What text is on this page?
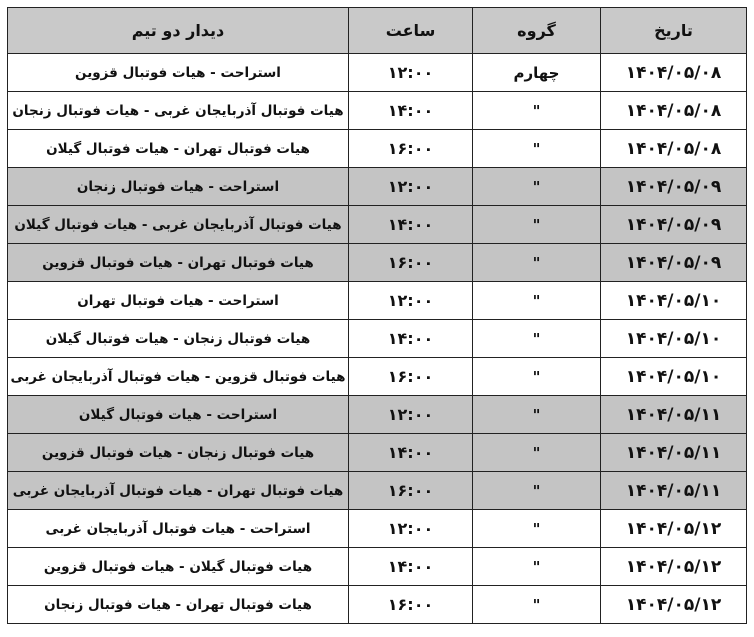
تاریخ	گروه	ساعت	دیدار دو تیم
۱۴۰۴/۰۵/۰۸	چهارم	۱۲:۰۰	استراحت - هیات فوتبال قزوین
۱۴۰۴/۰۵/۰۸	"	۱۴:۰۰	هیات فوتبال آذربایجان غربی - هیات فوتبال زنجان
۱۴۰۴/۰۵/۰۸	"	۱۶:۰۰	هیات فوتبال تهران - هیات فوتبال گیلان
۱۴۰۴/۰۵/۰۹	"	۱۲:۰۰	استراحت - هیات فوتبال زنجان
۱۴۰۴/۰۵/۰۹	"	۱۴:۰۰	هیات فوتبال آذربایجان غربی - هیات فوتبال گیلان
۱۴۰۴/۰۵/۰۹	"	۱۶:۰۰	هیات فوتبال تهران - هیات فوتبال قزوین
۱۴۰۴/۰۵/۱۰	"	۱۲:۰۰	استراحت - هیات فوتبال تهران
۱۴۰۴/۰۵/۱۰	"	۱۴:۰۰	هیات فوتبال زنجان - هیات فوتبال گیلان
۱۴۰۴/۰۵/۱۰	"	۱۶:۰۰	هیات فوتبال قزوین - هیات فوتبال آذربایجان غربی
۱۴۰۴/۰۵/۱۱	"	۱۲:۰۰	استراحت - هیات فوتبال گیلان
۱۴۰۴/۰۵/۱۱	"	۱۴:۰۰	هیات فوتبال زنجان - هیات فوتبال قزوین
۱۴۰۴/۰۵/۱۱	"	۱۶:۰۰	هیات فوتبال تهران - هیات فوتبال آذربایجان غربی
۱۴۰۴/۰۵/۱۲	"	۱۲:۰۰	استراحت - هیات فوتبال آذربایجان غربی
۱۴۰۴/۰۵/۱۲	"	۱۴:۰۰	هیات فوتبال گیلان - هیات فوتبال قزوین
۱۴۰۴/۰۵/۱۲	"	۱۶:۰۰	هیات فوتبال تهران - هیات فوتبال زنجان
